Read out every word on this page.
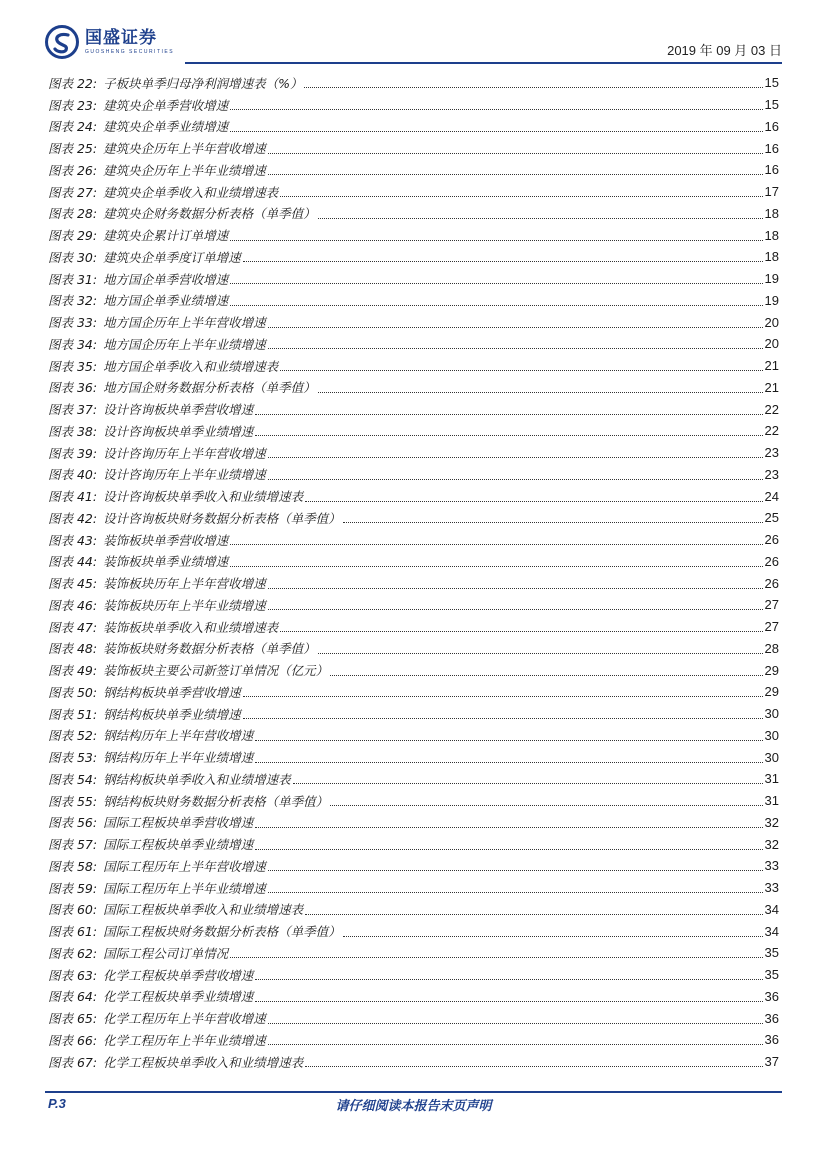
国盛证券
GUOSHENG SECURITIES	2019 年 09 月 03 日
图表 22: 子板块单季归母净利润增速表（%）	15
图表 23: 建筑央企单季营收增速	15
图表 24: 建筑央企单季业绩增速	16
图表 25: 建筑央企历年上半年营收增速	16
图表 26: 建筑央企历年上半年业绩增速	16
图表 27: 建筑央企单季收入和业绩增速表	17
图表 28: 建筑央企财务数据分析表格（单季值）	18
图表 29: 建筑央企累计订单增速	18
图表 30: 建筑央企单季度订单增速	18
图表 31: 地方国企单季营收增速	19
图表 32: 地方国企单季业绩增速	19
图表 33: 地方国企历年上半年营收增速	20
图表 34: 地方国企历年上半年业绩增速	20
图表 35: 地方国企单季收入和业绩增速表	21
图表 36: 地方国企财务数据分析表格（单季值）	21
图表 37: 设计咨询板块单季营收增速	22
图表 38: 设计咨询板块单季业绩增速	22
图表 39: 设计咨询历年上半年营收增速	23
图表 40: 设计咨询历年上半年业绩增速	23
图表 41: 设计咨询板块单季收入和业绩增速表	24
图表 42: 设计咨询板块财务数据分析表格（单季值）	25
图表 43: 装饰板块单季营收增速	26
图表 44: 装饰板块单季业绩增速	26
图表 45: 装饰板块历年上半年营收增速	26
图表 46: 装饰板块历年上半年业绩增速	27
图表 47: 装饰板块单季收入和业绩增速表	27
图表 48: 装饰板块财务数据分析表格（单季值）	28
图表 49: 装饰板块主要公司新签订单情况（亿元）	29
图表 50: 钢结构板块单季营收增速	29
图表 51: 钢结构板块单季业绩增速	30
图表 52: 钢结构历年上半年营收增速	30
图表 53: 钢结构历年上半年业绩增速	30
图表 54: 钢结构板块单季收入和业绩增速表	31
图表 55: 钢结构板块财务数据分析表格（单季值）	31
图表 56: 国际工程板块单季营收增速	32
图表 57: 国际工程板块单季业绩增速	32
图表 58: 国际工程历年上半年营收增速	33
图表 59: 国际工程历年上半年业绩增速	33
图表 60: 国际工程板块单季收入和业绩增速表	34
图表 61: 国际工程板块财务数据分析表格（单季值）	34
图表 62: 国际工程公司订单情况	35
图表 63: 化学工程板块单季营收增速	35
图表 64: 化学工程板块单季业绩增速	36
图表 65: 化学工程历年上半年营收增速	36
图表 66: 化学工程历年上半年业绩增速	36
图表 67: 化学工程板块单季收入和业绩增速表	37
P.3	请仔细阅读本报告末页声明
